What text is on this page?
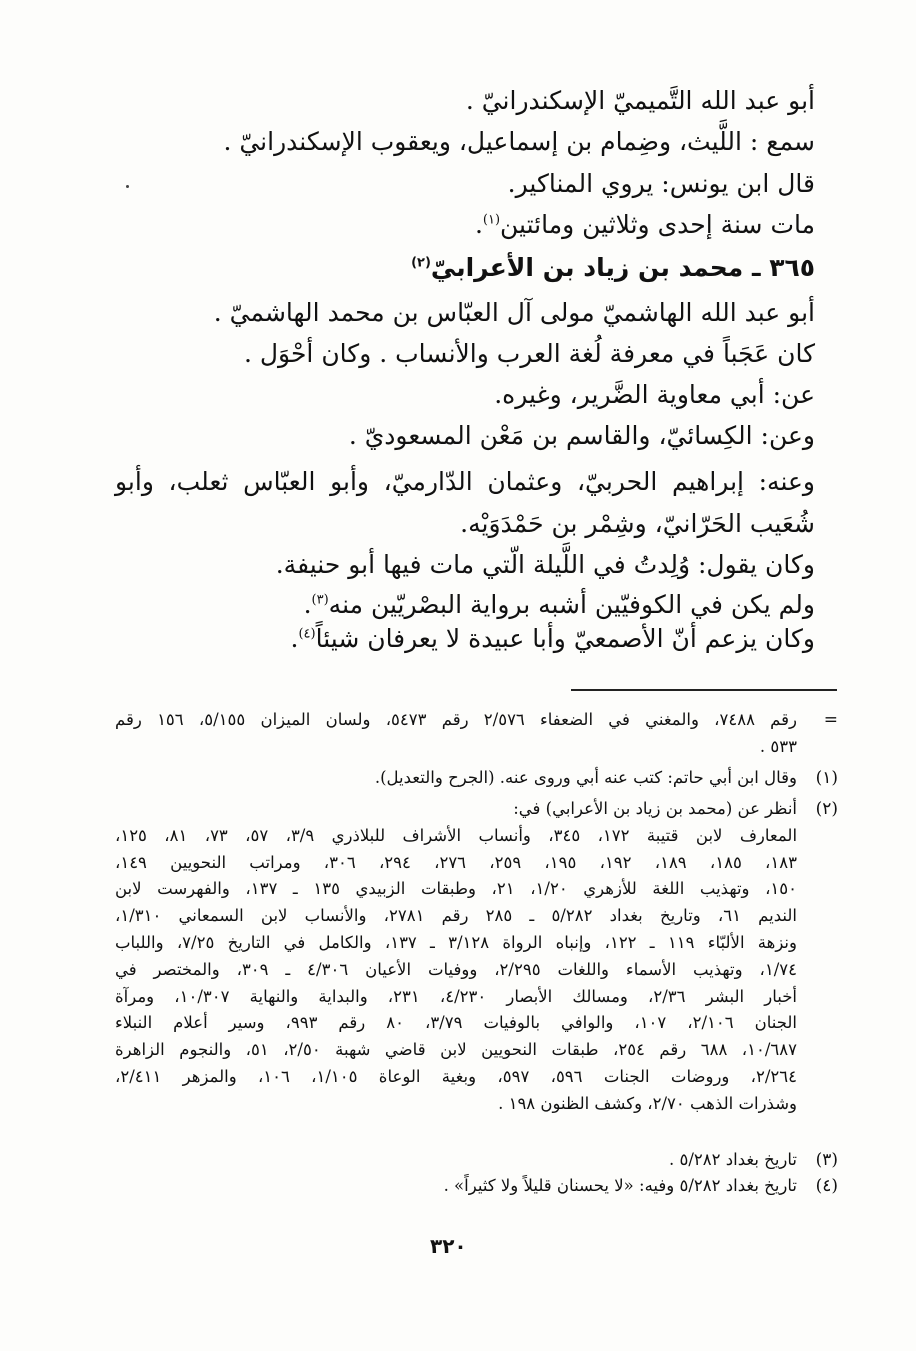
أبو عبد الله التَّميميّ الإسكندرانيّ .
سمع : اللَّيث، وضِمام بن إسماعيل، ويعقوب الإسكندرانيّ .
قال ابن يونس: يروي المناكير.
مات سنة إحدى وثلاثين ومائتين$^{(١)}$.
٣٦٥ ـ محمد بن زياد بن الأعرابيّ$^{(٢)}$
أبو عبد الله الهاشميّ مولى آل العبّاس بن محمد الهاشميّ .
كان عَجَباً في معرفة لُغة العرب والأنساب . وكان أحْوَل .
عن: أبي معاوية الضَّرير، وغيره.
وعن: الكِسائيّ، والقاسم بن مَعْن المسعوديّ .
وعنه: إبراهيم الحربيّ، وعثمان الدّارميّ، وأبو العبّاس ثعلب، وأبو
شُعَيب الحَرّانيّ، وشِمْر بن حَمْدَوَيْه.
وكان يقول: وُلِدتُ في اللَّيلة الّتي مات فيها أبو حنيفة.
ولم يكن في الكوفيّين أشبه برواية البصْريّين منه$^{(٣)}$.
وكان يزعم أنّ الأصمعيّ وأبا عبيدة لا يعرفان شيئاً$^{(٤)}$.
=
رقم ٧٤٨٨، والمغني في الضعفاء ٢/٥٧٦ رقم ٥٤٧٣، ولسان الميزان ٥/١٥٥، ١٥٦ رقم
٥٣٣ .
(١)
وقال ابن أبي حاتم: كتب عنه أبي وروى عنه. (الجرح والتعديل).
(٢)
أنظر عن (محمد بن زياد بن الأعرابي) في:
المعارف لابن قتيبة ١٧٢، ٣٤٥، وأنساب الأشراف للبلاذري ٣/٩، ٥٧، ٧٣، ٨١، ١٢٥،
١٨٣، ١٨٥، ١٨٩، ١٩٢، ١٩٥، ٢٥٩، ٢٧٦، ٢٩٤، ٣٠٦، ومراتب النحويين ١٤٩،
١٥٠، وتهذيب اللغة للأزهري ١/٢٠، ٢١، وطبقات الزبيدي ١٣٥ ـ ١٣٧، والفهرست لابن
النديم ٦١، وتاريخ بغداد ٥/٢٨٢ ـ ٢٨٥ رقم ٢٧٨١، والأنساب لابن السمعاني ١/٣١٠،
ونزهة الألبّاء ١١٩ ـ ١٢٢، وإنباه الرواة ٣/١٢٨ ـ ١٣٧، والكامل في التاريخ ٧/٢٥، واللباب
١/٧٤، وتهذيب الأسماء واللغات ٢/٢٩٥، ووفيات الأعيان ٤/٣٠٦ ـ ٣٠٩، والمختصر في
أخبار البشر ٢/٣٦، ومسالك الأبصار ٤/٢٣٠، ٢٣١، والبداية والنهاية ١٠/٣٠٧، ومرآة
الجنان ٢/١٠٦، ١٠٧، والوافي بالوفيات ٣/٧٩، ٨٠ رقم ٩٩٣، وسير أعلام النبلاء
١٠/٦٨٧، ٦٨٨ رقم ٢٥٤، طبقات النحويين لابن قاضي شهبة ٢/٥٠، ٥١، والنجوم الزاهرة
٢/٢٦٤، وروضات الجنات ٥٩٦، ٥٩٧، وبغية الوعاة ١/١٠٥، ١٠٦، والمزهر ٢/٤١١،
وشذرات الذهب ٢/٧٠، وكشف الظنون ١٩٨ .
(٣)
تاريخ بغداد ٥/٢٨٢ .
(٤)
تاريخ بغداد ٥/٢٨٢ وفيه: «لا يحسنان قليلاً ولا كثيراً» .
٣٢٠
